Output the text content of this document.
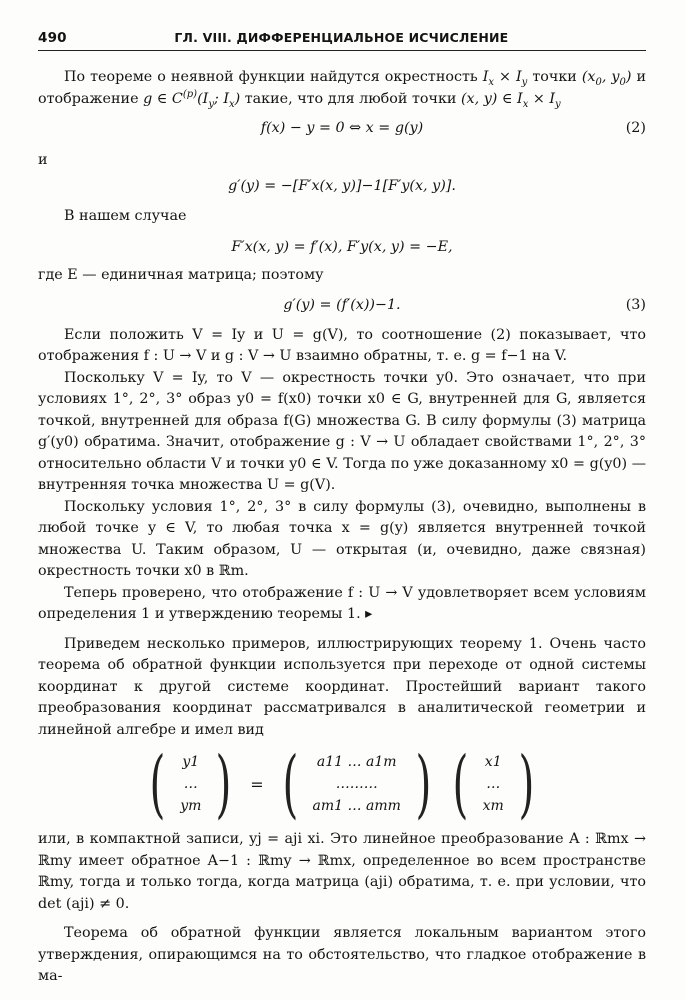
490	ГЛ. VIII. ДИФФЕРЕНЦИАЛЬНОЕ ИСЧИСЛЕНИЕ

По теореме о неявной функции найдутся окрестность $I_x \times I_y$ точки ($x_0$, $y_0$) и отображение g ∈ $C^{(p)}(I_y$; $I_x$) такие, что для любой точки (x, y) ∈ $I_x \times I_y$

f(x) − y = 0 ⇔ x = g(y)	(2)

и

g′(y) = −[F′x(x, y)]−1[F′y(x, y)].

В нашем случае

F′x(x, y) = f′(x), F′y(x, y) = −E,

где E — единичная матрица; поэтому

g′(y) = (f′(x))−1.	(3)

Если положить V = Iy и U = g(V), то соотношение (2) показывает, что отображения f : U → V и g : V → U взаимно обратны, т. е. g = f−1 на V.

Поскольку V = Iy, то V — окрестность точки y0. Это означает, что при условиях 1°, 2°, 3° образ y0 = f(x0) точки x0 ∈ G, внутренней для G, является точкой, внутренней для образа f(G) множества G. В силу формулы (3) матрица g′(y0) обратима. Значит, отображение g : V → U обладает свойствами 1°, 2°, 3° относительно области V и точки y0 ∈ V. Тогда по уже доказанному x0 = g(y0) — внутренняя точка множества U = g(V).

Поскольку условия 1°, 2°, 3° в силу формулы (3), очевидно, выполнены в любой точке y ∈ V, то любая точка x = g(y) является внутренней точкой множества U. Таким образом, U — открытая (и, очевидно, даже связная) окрестность точки x0 в ℝm.

Теперь проверено, что отображение f : U → V удовлетворяет всем условиям определения 1 и утверждению теоремы 1. ▸

Приведем несколько примеров, иллюстрирующих теорему 1. Очень часто теорема об обратной функции используется при переходе от одной системы координат к другой системе координат. Простейший вариант такого преобразования координат рассматривался в аналитической геометрии и линейной алгебре и имел вид

( y1
…
ym ) = ( a11 … a1m
………
am1 … amm ) ( x1
…
xm )

или, в компактной записи, yj = aji xi. Это линейное преобразование A : ℝmx → ℝmy имеет обратное A−1 : ℝmy → ℝmx, определенное во всем пространстве ℝmy, тогда и только тогда, когда матрица (aji) обратима, т. е. при условии, что det (aji) ≠ 0.

Теорема об обратной функции является локальным вариантом этого утверждения, опирающимся на то обстоятельство, что гладкое отображение в ма-
